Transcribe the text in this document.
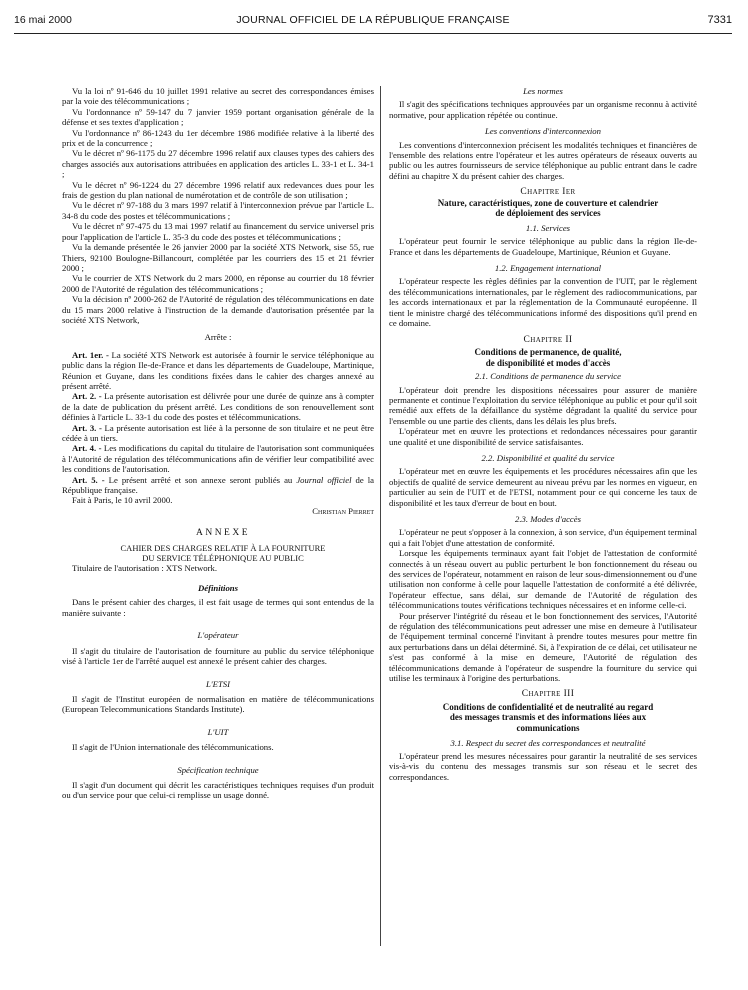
16 mai 2000	JOURNAL OFFICIEL DE LA RÉPUBLIQUE FRANÇAISE	7331

Vu la loi nº 91-646 du 10 juillet 1991 relative au secret des correspondances émises par la voie des télécommunications ;

Vu l'ordonnance nº 59-147 du 7 janvier 1959 portant organisation générale de la défense et ses textes d'application ;

Vu l'ordonnance nº 86-1243 du 1er décembre 1986 modifiée relative à la liberté des prix et de la concurrence ;

Vu le décret nº 96-1175 du 27 décembre 1996 relatif aux clauses types des cahiers des charges associés aux autorisations attribuées en application des articles L. 33-1 et L. 34-1 ;

Vu le décret nº 96-1224 du 27 décembre 1996 relatif aux redevances dues pour les frais de gestion du plan national de numérotation et de contrôle de son utilisation ;

Vu le décret nº 97-188 du 3 mars 1997 relatif à l'interconnexion prévue par l'article L. 34-8 du code des postes et télécommunications ;

Vu le décret nº 97-475 du 13 mai 1997 relatif au financement du service universel pris pour l'application de l'article L. 35-3 du code des postes et télécommunications ;

Vu la demande présentée le 26 janvier 2000 par la société XTS Network, sise 55, rue Thiers, 92100 Boulogne-Billancourt, complétée par les courriers des 15 et 21 février 2000 ;

Vu le courrier de XTS Network du 2 mars 2000, en réponse au courrier du 18 février 2000 de l'Autorité de régulation des télécommunications ;

Vu la décision nº 2000-262 de l'Autorité de régulation des télécommunications en date du 15 mars 2000 relative à l'instruction de la demande d'autorisation présentée par la société XTS Network,

Arrête :

Art. 1er. - La société XTS Network est autorisée à fournir le service téléphonique au public dans la région Ile-de-France et dans les départements de Guadeloupe, Martinique, Réunion et Guyane, dans les conditions fixées dans le cahier des charges annexé au présent arrêté.

Art. 2. - La présente autorisation est délivrée pour une durée de quinze ans à compter de la date de publication du présent arrêté. Les conditions de son renouvellement sont définies à l'article L. 33-1 du code des postes et télécommunications.

Art. 3. - La présente autorisation est liée à la personne de son titulaire et ne peut être cédée à un tiers.

Art. 4. - Les modifications du capital du titulaire de l'autorisation sont communiquées à l'Autorité de régulation des télécommunications afin de vérifier leur compatibilité avec les conditions de l'autorisation.

Art. 5. - Le présent arrêté et son annexe seront publiés au Journal officiel de la République française.

Fait à Paris, le 10 avril 2000.

Christian Pierret

ANNEXE

CAHIER DES CHARGES RELATIF À LA FOURNITURE

DU SERVICE TÉLÉPHONIQUE AU PUBLIC

Titulaire de l'autorisation : XTS Network.

Définitions

Dans le présent cahier des charges, il est fait usage de termes qui sont entendus de la manière suivante :

L'opérateur

Il s'agit du titulaire de l'autorisation de fourniture au public du service téléphonique visé à l'article 1er de l'arrêté auquel est annexé le présent cahier des charges.

L'ETSI

Il s'agit de l'Institut européen de normalisation en matière de télécommunications (European Telecommunications Standards Institute).

L'UIT

Il s'agit de l'Union internationale des télécommunications.

Spécification technique

Il s'agit d'un document qui décrit les caractéristiques techniques requises d'un produit ou d'un service pour que celui-ci remplisse un usage donné.

Les normes

Il s'agit des spécifications techniques approuvées par un organisme reconnu à activité normative, pour application répétée ou continue.

Les conventions d'interconnexion

Les conventions d'interconnexion précisent les modalités techniques et financières de l'ensemble des relations entre l'opérateur et les autres opérateurs de réseaux ouverts au public ou les autres fournisseurs de service téléphonique au public entrant dans le cadre défini au chapitre X du présent cahier des charges.

Chapitre Ier

Nature, caractéristiques, zone de couverture et calendrier

de déploiement des services

1.1. Services

L'opérateur peut fournir le service téléphonique au public dans la région Ile-de-France et dans les départements de Guadeloupe, Martinique, Réunion et Guyane.

1.2. Engagement international

L'opérateur respecte les règles définies par la convention de l'UIT, par le règlement des télécommunications internationales, par le règlement des radiocommunications, par les accords internationaux et par la réglementation de la Communauté européenne. Il tient le ministre chargé des télécommunications informé des dispositions qu'il prend en ce domaine.

Chapitre II

Conditions de permanence, de qualité,

de disponibilité et modes d'accès

2.1. Conditions de permanence du service

L'opérateur doit prendre les dispositions nécessaires pour assurer de manière permanente et continue l'exploitation du service téléphonique au public et pour qu'il soit remédié aux effets de la défaillance du système dégradant la qualité du service pour l'ensemble ou une partie des clients, dans les délais les plus brefs.

L'opérateur met en œuvre les protections et redondances nécessaires pour garantir une qualité et une disponibilité de service satisfaisantes.

2.2. Disponibilité et qualité du service

L'opérateur met en œuvre les équipements et les procédures nécessaires afin que les objectifs de qualité de service demeurent au niveau prévu par les normes en vigueur, en particulier au sein de l'UIT et de l'ETSI, notamment pour ce qui concerne les taux de disponibilité et les taux d'erreur de bout en bout.

2.3. Modes d'accès

L'opérateur ne peut s'opposer à la connexion, à son service, d'un équipement terminal qui a fait l'objet d'une attestation de conformité.

Lorsque les équipements terminaux ayant fait l'objet de l'attestation de conformité connectés à un réseau ouvert au public perturbent le bon fonctionnement du réseau ou des services de l'opérateur, notamment en raison de leur sous-dimensionnement ou d'une utilisation non conforme à celle pour laquelle l'attestation de conformité a été délivrée, l'opérateur effectue, sans délai, sur demande de l'Autorité de régulation des télécommunications toutes vérifications techniques nécessaires et en informe celle-ci.

Pour préserver l'intégrité du réseau et le bon fonctionnement des services, l'Autorité de régulation des télécommunications peut adresser une mise en demeure à l'utilisateur de l'équipement terminal concerné l'invitant à prendre toutes mesures pour mettre fin aux perturbations dans un délai déterminé. Si, à l'expiration de ce délai, cet utilisateur ne s'est pas conformé à la mise en demeure, l'Autorité de régulation des télécommunications demande à l'opérateur de suspendre la fourniture du service qui utilise les terminaux à l'origine des perturbations.

Chapitre III

Conditions de confidentialité et de neutralité au regard

des messages transmis et des informations liées aux

communications

3.1. Respect du secret des correspondances et neutralité

L'opérateur prend les mesures nécessaires pour garantir la neutralité de ses services vis-à-vis du contenu des messages transmis sur son réseau et le secret des correspondances.
